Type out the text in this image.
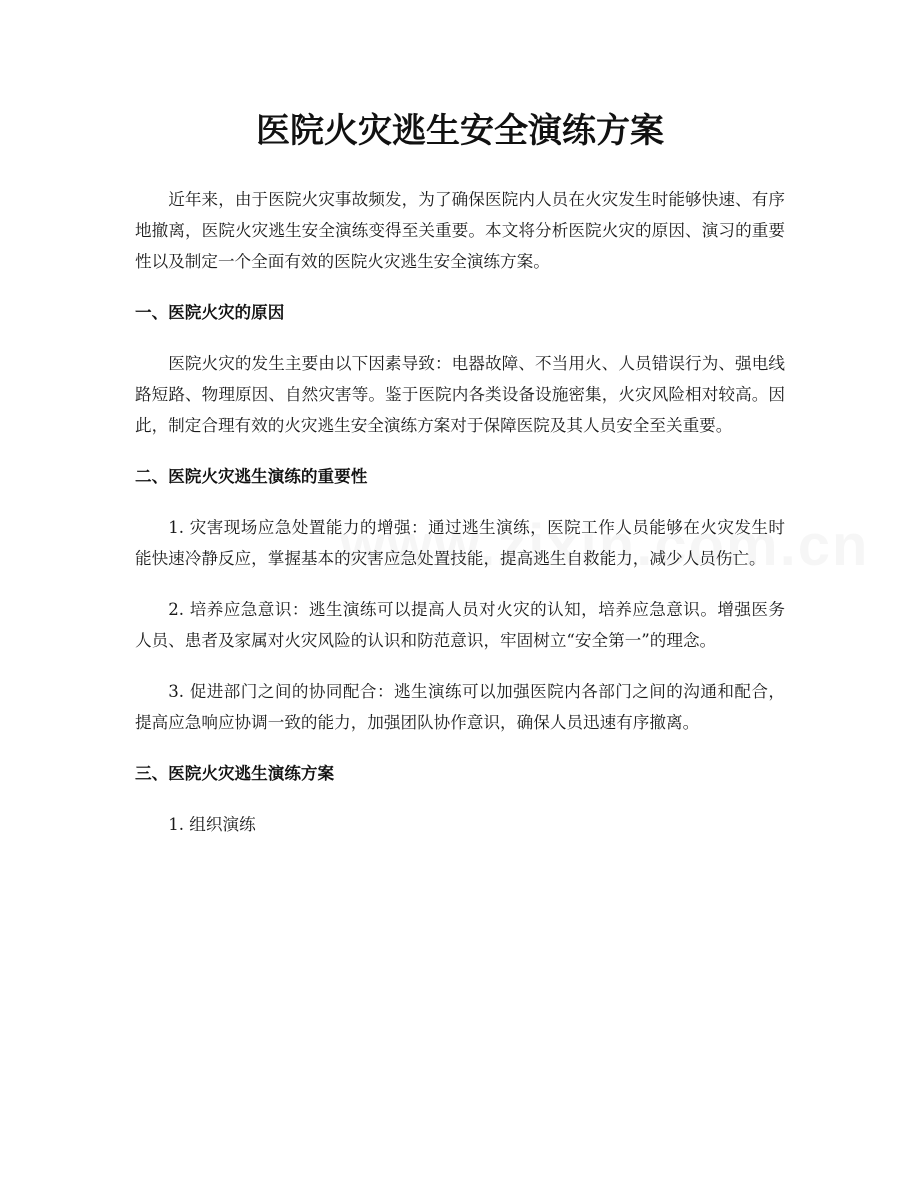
医院火灾逃生安全演练方案

近年来，由于医院火灾事故频发，为了确保医院内人员在火灾发生时能够快速、有序地撤离，医院火灾逃生安全演练变得至关重要。本文将分析医院火灾的原因、演习的重要性以及制定一个全面有效的医院火灾逃生安全演练方案。

一、医院火灾的原因

医院火灾的发生主要由以下因素导致：电器故障、不当用火、人员错误行为、强电线路短路、物理原因、自然灾害等。鉴于医院内各类设备设施密集，火灾风险相对较高。因此，制定合理有效的火灾逃生安全演练方案对于保障医院及其人员安全至关重要。

二、医院火灾逃生演练的重要性

1. 灾害现场应急处置能力的增强：通过逃生演练，医院工作人员能够在火灾发生时能快速冷静反应，掌握基本的灾害应急处置技能，提高逃生自救能力，减少人员伤亡。

2. 培养应急意识：逃生演练可以提高人员对火灾的认知，培养应急意识。增强医务人员、患者及家属对火灾风险的认识和防范意识，牢固树立“安全第一”的理念。

3. 促进部门之间的协同配合：逃生演练可以加强医院内各部门之间的沟通和配合，提高应急响应协调一致的能力，加强团队协作意识，确保人员迅速有序撤离。

三、医院火灾逃生演练方案

1. 组织演练
